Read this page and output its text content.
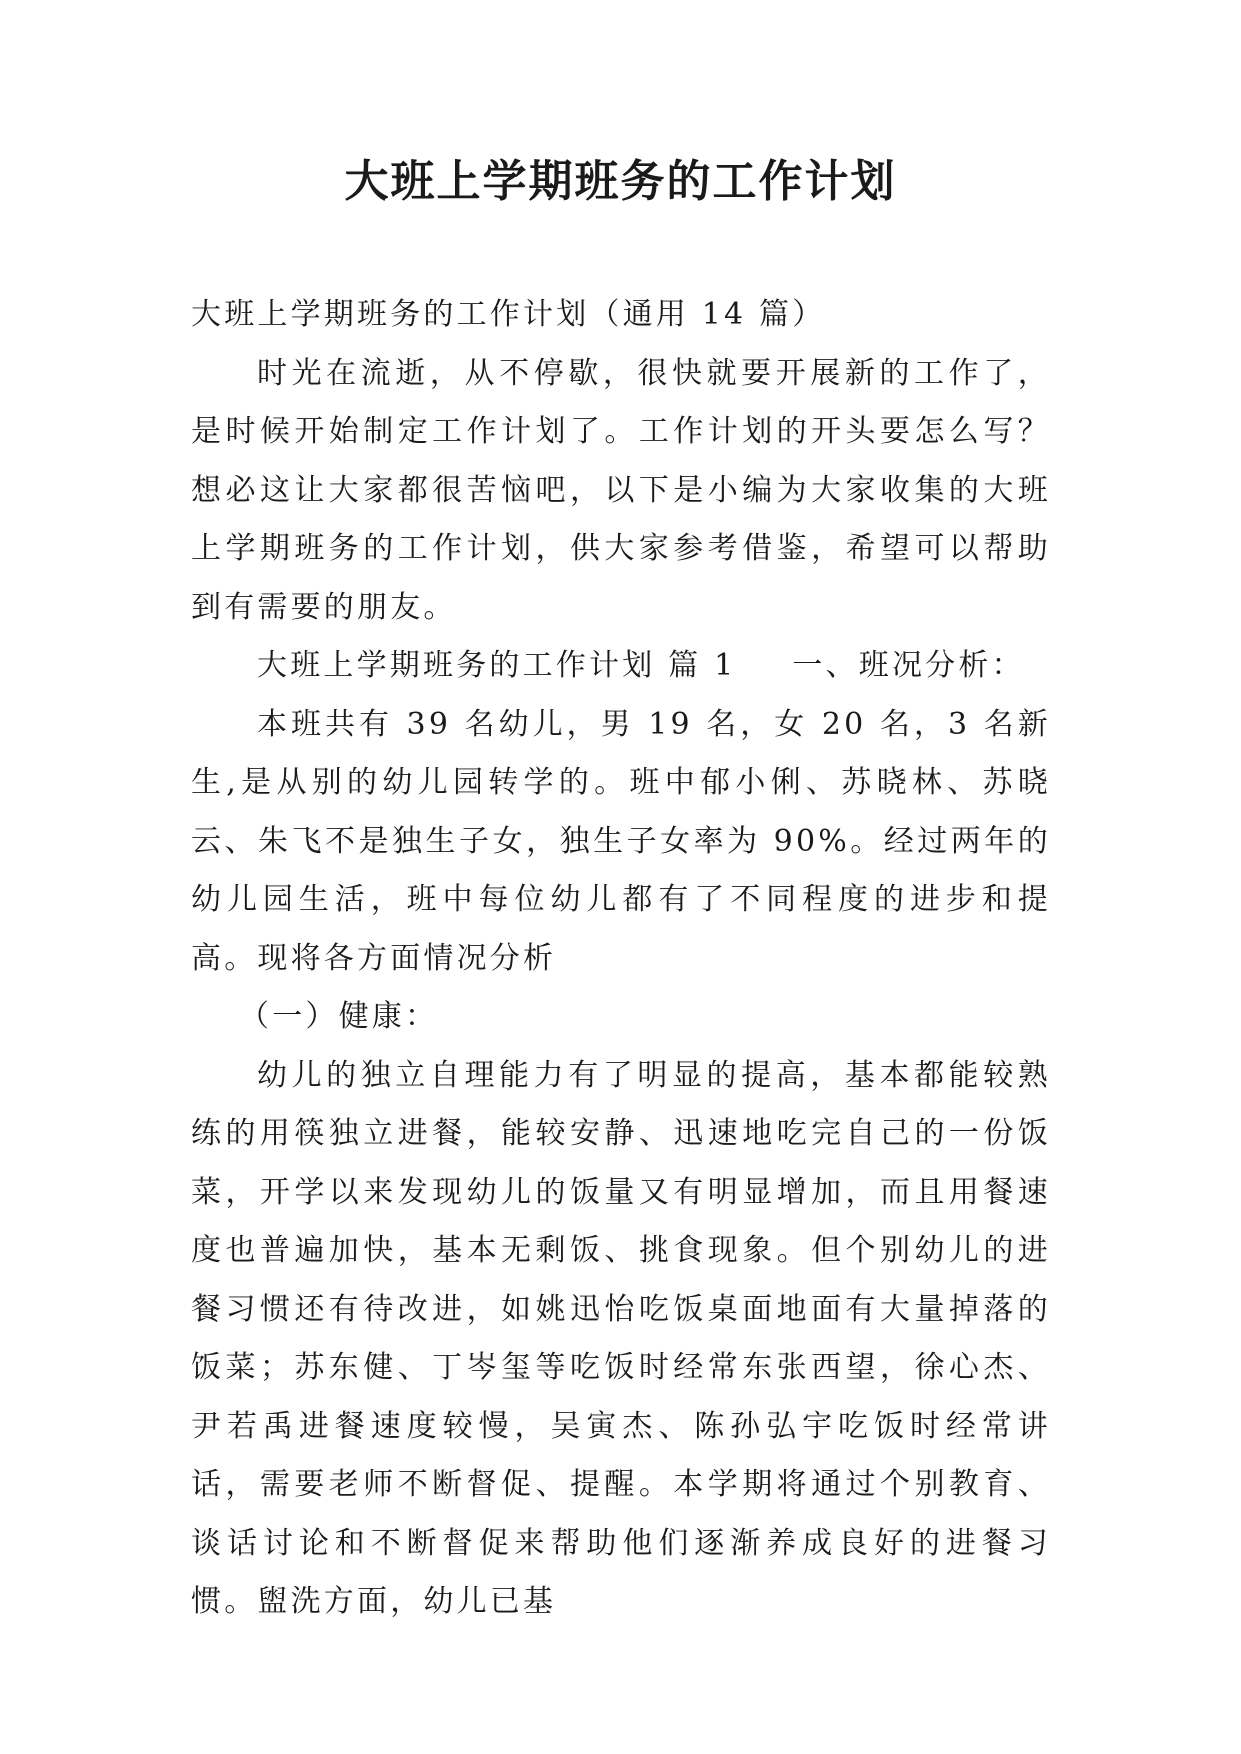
大班上学期班务的工作计划

大班上学期班务的工作计划（通用 14 篇）

时光在流逝，从不停歇，很快就要开展新的工作了，是时候开始制定工作计划了。工作计划的开头要怎么写？想必这让大家都很苦恼吧，以下是小编为大家收集的大班上学期班务的工作计划，供大家参考借鉴，希望可以帮助到有需要的朋友。

大班上学期班务的工作计划 篇 1 一、班况分析：

本班共有 39 名幼儿，男 19 名，女 20 名，3 名新生,是从别的幼儿园转学的。班中郁小俐、苏晓林、苏晓云、朱飞不是独生子女，独生子女率为 90%。经过两年的幼儿园生活，班中每位幼儿都有了不同程度的进步和提高。现将各方面情况分析

（一）健康：

幼儿的独立自理能力有了明显的提高，基本都能较熟练的用筷独立进餐，能较安静、迅速地吃完自己的一份饭菜，开学以来发现幼儿的饭量又有明显增加，而且用餐速度也普遍加快，基本无剩饭、挑食现象。但个别幼儿的进餐习惯还有待改进，如姚迅怡吃饭桌面地面有大量掉落的饭菜；苏东健、丁岑玺等吃饭时经常东张西望，徐心杰、尹若禹进餐速度较慢，吴寅杰、陈孙弘宇吃饭时经常讲话，需要老师不断督促、提醒。本学期将通过个别教育、谈话讨论和不断督促来帮助他们逐渐养成良好的进餐习惯。盥洗方面，幼儿已基
